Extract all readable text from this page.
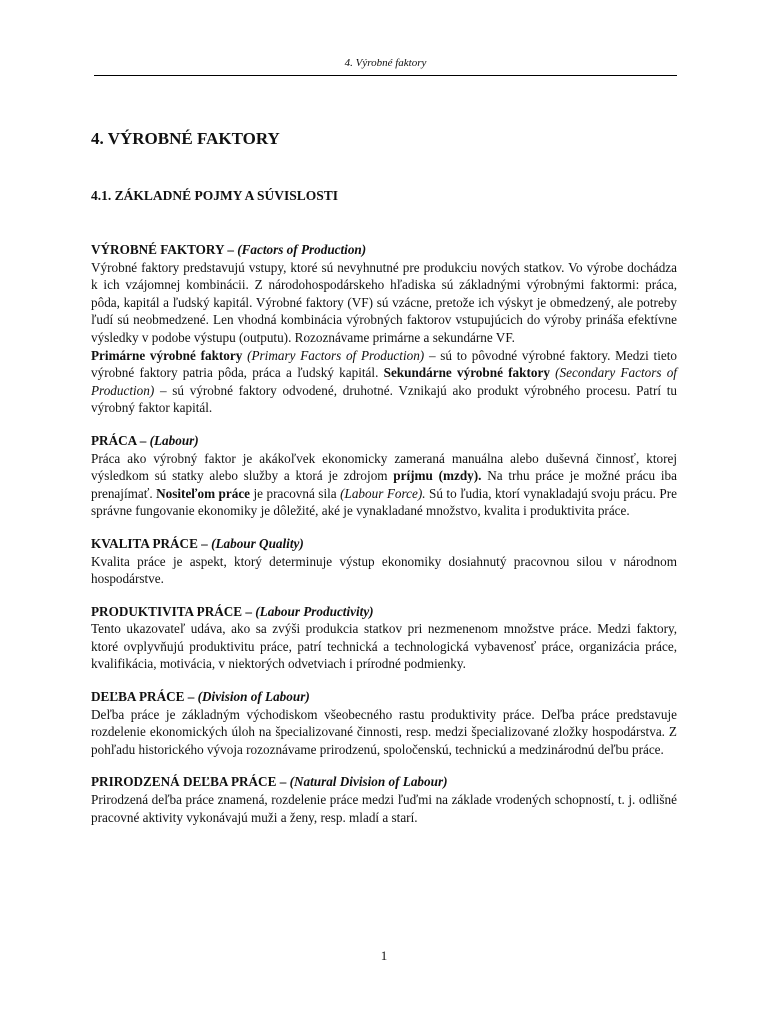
4. Výrobné faktory
4. VÝROBNÉ FAKTORY
4.1. ZÁKLADNÉ POJMY A SÚVISLOSTI

VÝROBNÉ FAKTORY – (Factors of Production)

Výrobné faktory predstavujú vstupy, ktoré sú nevyhnutné pre produkciu nových statkov. Vo výrobe dochádza k ich vzájomnej kombinácii. Z národohospodárskeho hľadiska sú základnými výrobnými faktormi: práca, pôda, kapitál a ľudský kapitál. Výrobné faktory (VF) sú vzácne, pretože ich výskyt je obmedzený, ale potreby ľudí sú neobmedzené. Len vhodná kombinácia výrobných faktorov vstupujúcich do výroby prináša efektívne výsledky v podobe výstupu (outputu). Rozoznávame primárne a sekundárne VF.

Primárne výrobné faktory (Primary Factors of Production) – sú to pôvodné výrobné faktory. Medzi tieto výrobné faktory patria pôda, práca a ľudský kapitál. Sekundárne výrobné faktory (Secondary Factors of Production) – sú výrobné faktory odvodené, druhotné. Vznikajú ako produkt výrobného procesu. Patrí tu výrobný faktor kapitál.

PRÁCA – (Labour)

Práca ako výrobný faktor je akákoľvek ekonomicky zameraná manuálna alebo duševná činnosť, ktorej výsledkom sú statky alebo služby a ktorá je zdrojom príjmu (mzdy). Na trhu práce je možné prácu iba prenajímať. Nositeľom práce je pracovná sila (Labour Force). Sú to ľudia, ktorí vynakladajú svoju prácu. Pre správne fungovanie ekonomiky je dôležité, aké je vynakladané množstvo, kvalita i produktivita práce.

KVALITA PRÁCE – (Labour Quality)

Kvalita práce je aspekt, ktorý determinuje výstup ekonomiky dosiahnutý pracovnou silou v národnom hospodárstve.

PRODUKTIVITA PRÁCE – (Labour Productivity)

Tento ukazovateľ udáva, ako sa zvýši produkcia statkov pri nezmenenom množstve práce. Medzi faktory, ktoré ovplyvňujú produktivitu práce, patrí technická a technologická vybavenosť práce, organizácia práce, kvalifikácia, motivácia, v niektorých odvetviach i prírodné podmienky.

DEĽBA PRÁCE – (Division of Labour)

Deľba práce je základným východiskom všeobecného rastu produktivity práce. Deľba práce predstavuje rozdelenie ekonomických úloh na špecializované činnosti, resp. medzi špecializované zložky hospodárstva. Z pohľadu historického vývoja rozoznávame prirodzenú, spoločenskú, technickú a medzinárodnú deľbu práce.

PRIRODZENÁ DEĽBA PRÁCE – (Natural Division of Labour)

Prirodzená deľba práce znamená, rozdelenie práce medzi ľuďmi na základe vrodených schopností, t. j. odlišné pracovné aktivity vykonávajú muži a ženy, resp. mladí a starí.

1
